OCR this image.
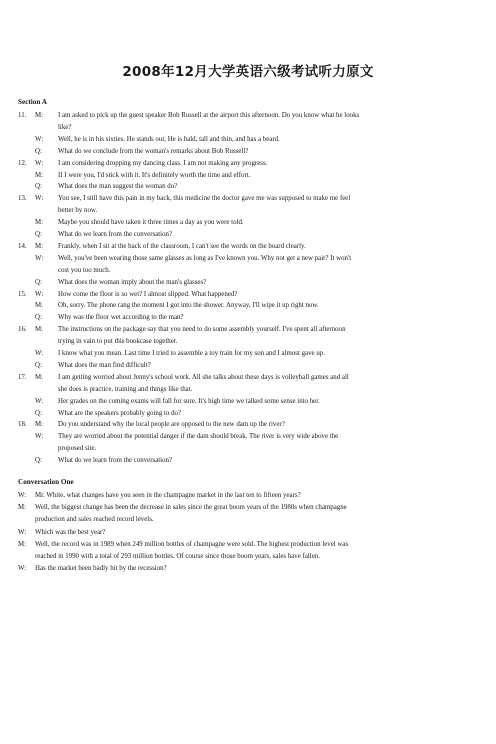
2008年12月大学英语六级考试听力原文
Section A
11. M: I am asked to pick up the guest speaker Bob Russell at the airport this afternoon. Do you know what he looks
like?
W: Well, he is in his sixties. He stands out. He is bald, tall and thin, and has a beard.
Q: What do we conclude from the woman's remarks about Bob Russell?
12. W: I am considering dropping my dancing class. I am not making any progress.
M: If I were you, I'd stick with it. It's definitely worth the time and effort.
Q: What does the man suggest the woman do?
13. W: You see, I still have this pain in my back, this medicine the doctor gave me was supposed to make me feel
better by now.
M: Maybe you should have taken it three times a day as you were told.
Q: What do we learn from the conversation?
14. M: Frankly, when I sit at the back of the classroom, I can't see the words on the board clearly.
W: Well, you've been wearing those same glasses as long as I've known you. Why not get a new pair? It won't
cost you too much.
Q: What does the woman imply about the man's glasses?
15. W: How come the floor is so wet? I almost slipped. What happened?
M: Oh, sorry. The phone rang the moment I got into the shower. Anyway, I'll wipe it up right now.
Q: Why was the floor wet according to the man?
16. M: The instructions on the package say that you need to do some assembly yourself. I've spent all afternoon
trying in vain to put this bookcase together.
W: I know what you mean. Last time I tried to assemble a toy train for my son and I almost gave up.
Q: What does the man find difficult?
17. M: I am getting worried about Jenny's school work. All she talks about these days is volleyball games and all
she does is practice, training and things like that.
W: Her grades on the coming exams will fall for sure. It's high time we talked some sense into her.
Q: What are the speakers probably going to do?
18. M: Do you understand why the local people are opposed to the new dam up the river?
W: They are worried about the potential danger if the dam should break. The river is very wide above the
proposed site.
Q: What do we learn from the conversation?
Conversation One
W: Mr. White, what changes have you seen in the champagne market in the last ten to fifteen years?
M: Well, the biggest change has been the decrease in sales since the great boom years of the 1980s when champagne
production and sales reached record levels.
W: Which was the best year?
M: Well, the record was in 1989 when 249 million bottles of champagne were sold. The highest production level was
reached in 1990 with a total of 293 million bottles. Of course since those boom years, sales have fallen.
W: Has the market been badly hit by the recession?
